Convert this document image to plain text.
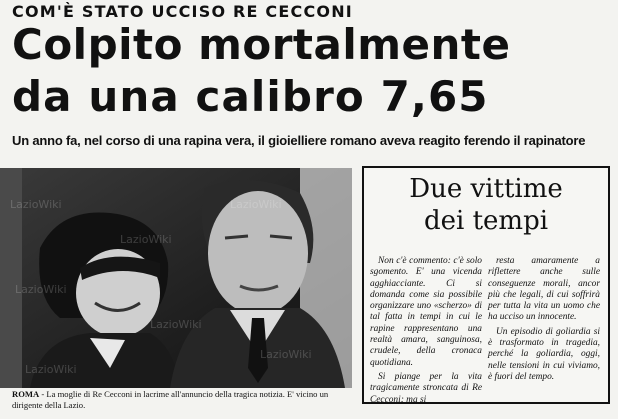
COM'È STATO UCCISO RE CECCONI
Colpito mortalmente
da una calibro 7,65
Un anno fa, nel corso di una rapina vera, il gioielliere romano aveva reagito ferendo il rapinatore
LazioWiki
LazioWiki
LazioWiki
LazioWiki
LazioWiki
LazioWiki
LazioWiki
ROMA - La moglie di Re Cecconi in lacrime all'annuncio della tragica notizia. E' vicino un dirigente della Lazio.
Due vittime
dei tempi

Non c'è commento: c'è solo sgomento. E' una vicenda agghiacciante. Ci si domanda come sia possibile organizzare uno «scherzo» di tal fatta in tempi in cui le rapine rappresentano una realtà amara, sanguinosa, crudele, della cronaca quotidiana.

Si piange per la vita tragicamente stroncata di Re Cecconi; ma si

resta amaramente a riflettere anche sulle conseguenze morali, ancor più che legali, di cui soffrirà per tutta la vita un uomo che ha ucciso un innocente.

Un episodio di goliardia si è trasformato in tragedia, perché la goliardia, oggi, nelle tensioni in cui viviamo, è fuori del tempo.
